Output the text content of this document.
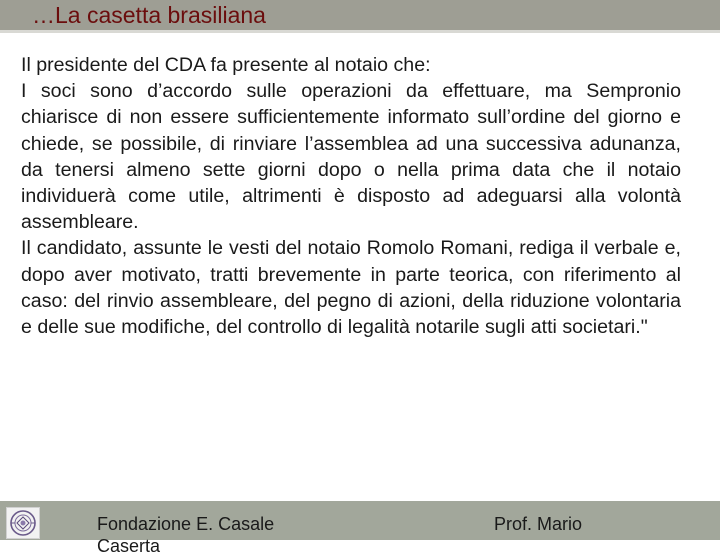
…La casetta brasiliana

Il presidente del CDA fa presente al notaio che:

I soci sono d’accordo sulle operazioni da effettuare, ma Sempronio chiarisce di non essere sufficientemente informato sull’ordine del giorno e chiede, se possibile, di rinviare l’assemblea ad una successiva adunanza, da tenersi almeno sette giorni dopo o nella prima data che il notaio individuerà come utile, altrimenti è disposto ad adeguarsi alla volontà assembleare.

Il candidato, assunte le vesti del notaio Romolo Romani, rediga il verbale e, dopo aver motivato, tratti brevemente in parte teorica, con riferimento al caso: del rinvio assembleare, del pegno di azioni, della riduzione volontaria e delle sue modifiche, del controllo di legalità notarile sugli atti societari."

Fondazione E. Casale
Caserta
Prof. Mario
